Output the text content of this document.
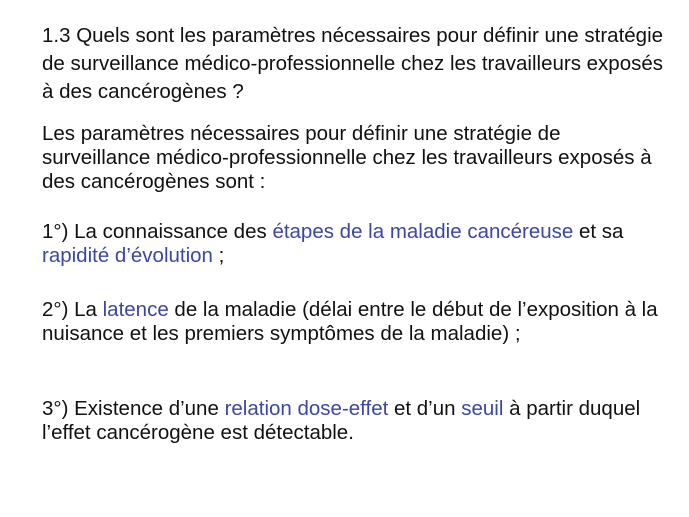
1.3 Quels sont les paramètres nécessaires pour définir une stratégie de surveillance médico-professionnelle chez les travailleurs exposés à des cancérogènes ?

Les paramètres nécessaires pour définir une stratégie de surveillance médico-professionnelle chez les travailleurs exposés à des cancérogènes sont :

1°) La connaissance des étapes de la maladie cancéreuse et sa rapidité d’évolution ;

2°) La latence de la maladie (délai entre le début de l’exposition à la nuisance et les premiers symptômes de la maladie) ;

3°) Existence d’une relation dose-effet et d’un seuil à partir duquel l’effet cancérogène est détectable.
